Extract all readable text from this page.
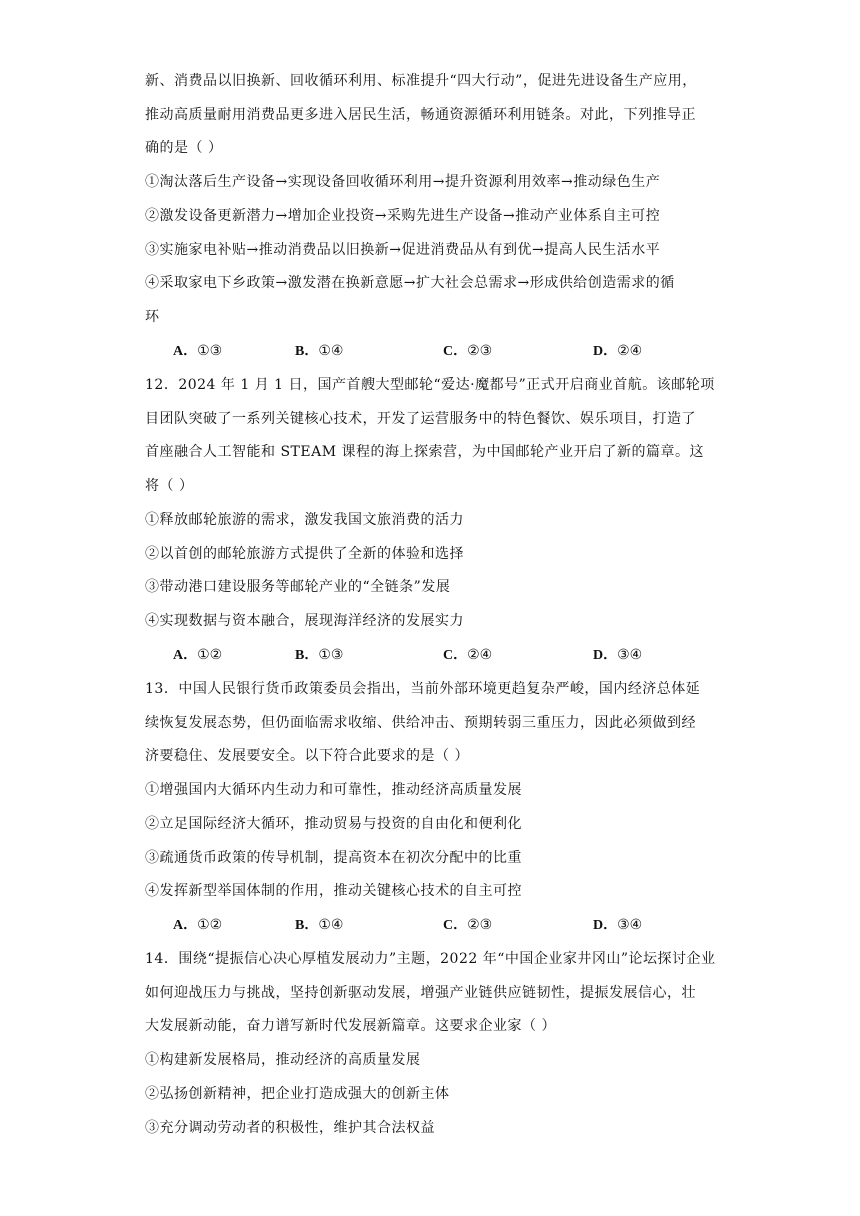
新、消费品以旧换新、回收循环利用、标准提升“四大行动”，促进先进设备生产应用，
推动高质量耐用消费品更多进入居民生活，畅通资源循环利用链条。对此，下列推导正
确的是（ ）
①淘汰落后生产设备→实现设备回收循环利用→提升资源利用效率→推动绿色生产
②激发设备更新潜力→增加企业投资→采购先进生产设备→推动产业体系自主可控
③实施家电补贴→推动消费品以旧换新→促进消费品从有到优→提高人民生活水平
④采取家电下乡政策→激发潜在换新意愿→扩大社会总需求→形成供给创造需求的循
环
A．①③	B．①④	C．②③	D．②④
12．2024 年 1 月 1 日，国产首艘大型邮轮“爱达·魔都号”正式开启商业首航。该邮轮项
目团队突破了一系列关键核心技术，开发了运营服务中的特色餐饮、娱乐项目，打造了
首座融合人工智能和 STEAM 课程的海上探索营，为中国邮轮产业开启了新的篇章。这
将（ ）
①释放邮轮旅游的需求，激发我国文旅消费的活力
②以首创的邮轮旅游方式提供了全新的体验和选择
③带动港口建设服务等邮轮产业的“全链条”发展
④实现数据与资本融合，展现海洋经济的发展实力
A．①②	B．①③	C．②④	D．③④
13．中国人民银行货币政策委员会指出，当前外部环境更趋复杂严峻，国内经济总体延
续恢复发展态势，但仍面临需求收缩、供给冲击、预期转弱三重压力，因此必须做到经
济要稳住、发展要安全。以下符合此要求的是（ ）
①增强国内大循环内生动力和可靠性，推动经济高质量发展
②立足国际经济大循环，推动贸易与投资的自由化和便利化
③疏通货币政策的传导机制，提高资本在初次分配中的比重
④发挥新型举国体制的作用，推动关键核心技术的自主可控
A．①②	B．①④	C．②③	D．③④
14．围绕“提振信心决心厚植发展动力”主题，2022 年“中国企业家井冈山”论坛探讨企业
如何迎战压力与挑战，坚持创新驱动发展，增强产业链供应链韧性，提振发展信心，壮
大发展新动能，奋力谱写新时代发展新篇章。这要求企业家（ ）
①构建新发展格局，推动经济的高质量发展
②弘扬创新精神，把企业打造成强大的创新主体
③充分调动劳动者的积极性，维护其合法权益
